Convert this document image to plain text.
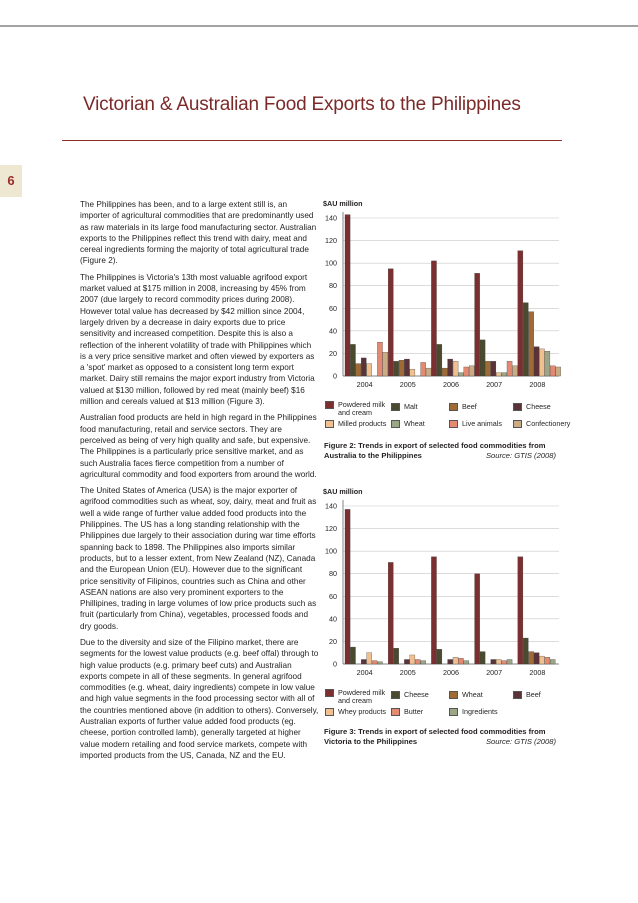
Victorian & Australian Food Exports to the Philippines
6

The Philippines has been, and to a large extent still is, an importer of agricultural commodities that are predominantly used as raw materials in its large food manufacturing sector. Australian exports to the Philippines reflect this trend with dairy, meat and cereal ingredients forming the majority of total agricultural trade (Figure 2).

The Philippines is Victoria's 13th most valuable agrifood export market valued at $175 million in 2008, increasing by 45% from 2007 (due largely to record commodity prices during 2008). However total value has decreased by $42 million since 2004, largely driven by a decrease in dairy exports due to price sensitivity and increased competition. Despite this is also a reflection of the inherent volatility of trade with Philippines which is a very price sensitive market and often viewed by exporters as a 'spot' market as opposed to a consistent long term export market. Dairy still remains the major export industry from Victoria valued at $130 million, followed by red meat (mainly beef) $16 million and cereals valued at $13 million (Figure 3).

Australian food products are held in high regard in the Philippines food manufacturing, retail and service sectors. They are perceived as being of very high quality and safe, but expensive. The Philippines is a particularly price sensitive market, and as such Australia faces fierce competition from a number of agricultural commodity and food exporters from around the world.

The United States of America (USA) is the major exporter of agrifood commodities such as wheat, soy, dairy, meat and fruit as well a wide range of further value added food products into the Philippines. The US has a long standing relationship with the Philippines due largely to their association during war time efforts spanning back to 1898. The Philippines also imports similar products, but to a lesser extent, from New Zealand (NZ), Canada and the European Union (EU). However due to the significant price sensitivity of Filipinos, countries such as China and other ASEAN nations are also very prominent exporters to the Phillipines, trading in large volumes of low price products such as fruit (particularly from China), vegetables, processed foods and dry goods.

Due to the diversity and size of the Filipino market, there are segments for the lowest value products (e.g. beef offal) through to high value products (e.g. primary beef cuts) and Australian exports compete in all of these segments. In general agrifood commodities (e.g. wheat, dairy ingredients) compete in low value and high value segments in the food processing sector with all of the countries mentioned above (in addition to others). Conversely, Australian exports of further value added food products (eg. cheese, portion controlled lamb), generally targeted at higher value modern retailing and food service markets, compete with imported products from the US, Canada, NZ and the EU.

$AU million
0
20
40
60
80
100
120
140
2004	2005	2006	2007	2008
Powdered milk and cream
Malt	Beef	Cheese
Milled products Wheat	Live animals	Confectionery
Figure 2: Trends in export of selected food commodities from Australia to the Philippines	Source: GTIS (2008)
$AU million
0
20
40
60
80
100
120
140
2004	2005	2006	2007	2008
Powdered milk and cream
Cheese	Wheat	Beef
Whey products	Butter	Ingredients
Figure 3: Trends in export of selected food commodities from Victoria to the Philippines	Source: GTIS (2008)
